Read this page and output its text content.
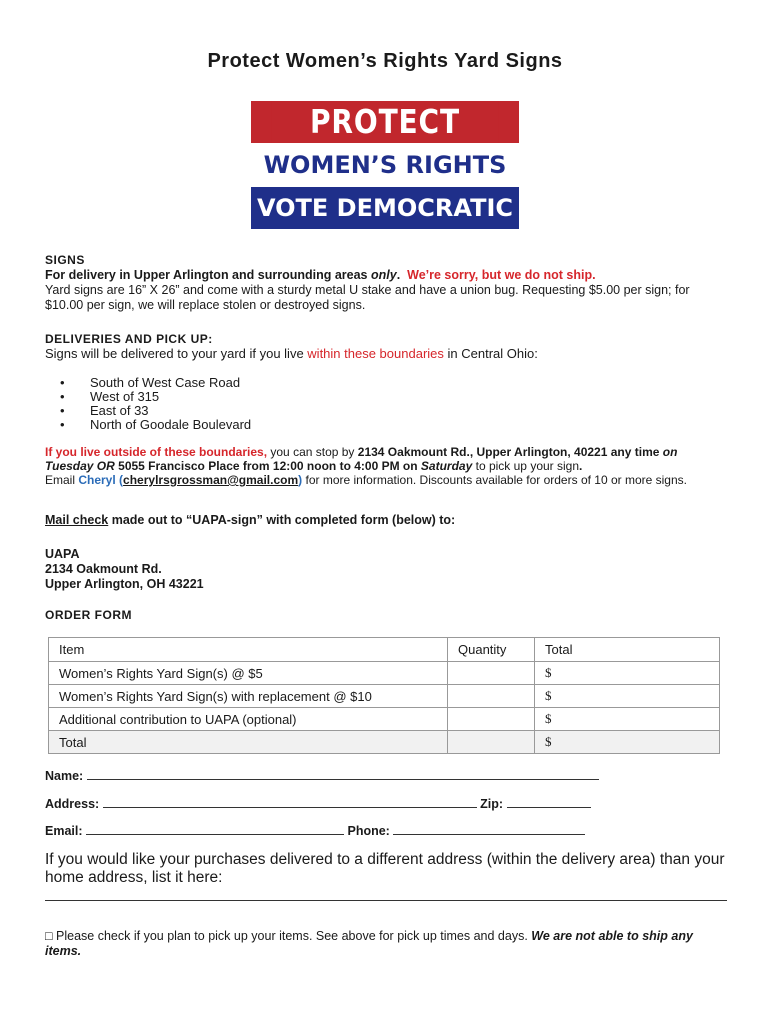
Protect Women’s Rights Yard Signs
PROTECT
WOMEN’S RIGHTS
VOTE DEMOCRATIC
SIGNS
For delivery in Upper Arlington and surrounding areas only. We’re sorry, but we do not ship.
Yard signs are 16” X 26” and come with a sturdy metal U stake and have a union bug. Requesting $5.00 per sign; for $10.00 per sign, we will replace stolen or destroyed signs.
DELIVERIES AND PICK UP:
Signs will be delivered to your yard if you live within these boundaries in Central Ohio:
• South of West Case Road
• West of 315
• East of 33
• North of Goodale Boulevard
If you live outside of these boundaries, you can stop by 2134 Oakmount Rd., Upper Arlington, 40221 any time on Tuesday OR 5055 Francisco Place from 12:00 noon to 4:00 PM on Saturday to pick up your sign.
Email Cheryl (cherylrsgrossman@gmail.com) for more information. Discounts available for orders of 10 or more signs.
Mail check made out to “UAPA-sign” with completed form (below) to:
UAPA
2134 Oakmount Rd.
Upper Arlington, OH 43221
ORDER FORM
Item	Quantity	Total
Women’s Rights Yard Sign(s) @ $5		$
Women’s Rights Yard Sign(s) with replacement @ $10		$
Additional contribution to UAPA (optional)		$
Total		$
Name:
Address:	Zip:
Email:	Phone:
If you would like your purchases delivered to a different address (within the delivery area) than your home address, list it here:
□ Please check if you plan to pick up your items. See above for pick up times and days. We are not able to ship any items.
